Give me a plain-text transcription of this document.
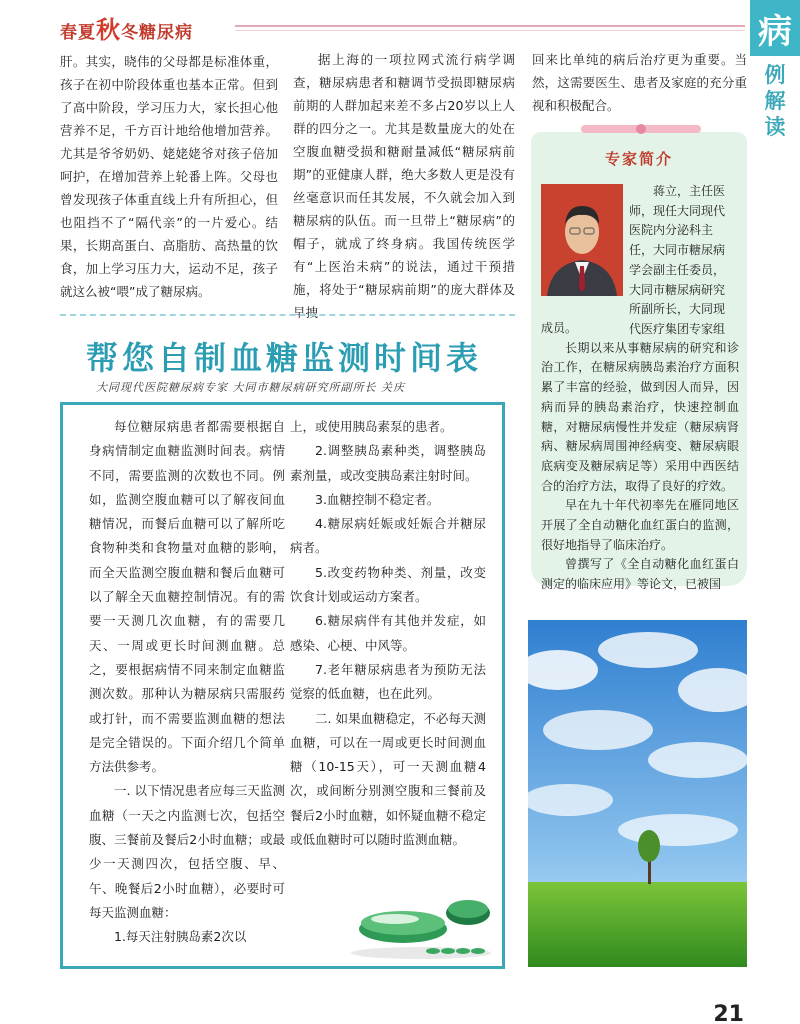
春夏秋冬糖尿病	病
例解读

肝。其实，晓伟的父母都是标准体重，孩子在初中阶段体重也基本正常。但到了高中阶段，学习压力大，家长担心他营养不足，千方百计地给他增加营养。尤其是爷爷奶奶、姥姥姥爷对孩子倍加呵护，在增加营养上轮番上阵。父母也曾发现孩子体重直线上升有所担心，但也阻挡不了“隔代亲”的一片爱心。结果，长期高蛋白、高脂肪、高热量的饮食，加上学习压力大，运动不足，孩子就这么被“喂”成了糖尿病。

据上海的一项拉网式流行病学调查，糖尿病患者和糖调节受损即糖尿病前期的人群加起来差不多占20岁以上人群的四分之一。尤其是数量庞大的处在空腹血糖受损和糖耐量减低“糖尿病前期”的亚健康人群，绝大多数人更是没有丝毫意识而任其发展，不久就会加入到糖尿病的队伍。而一旦带上“糖尿病”的帽子，就成了终身病。我国传统医学有“上医治未病”的说法，通过干预措施，将处于“糖尿病前期”的庞大群体及早拽

回来比单纯的病后治疗更为重要。当然，这需要医生、患者及家庭的充分重视和积极配合。

帮您自制血糖监测时间表
大同现代医院糖尿病专家 大同市糖尿病研究所副所长 关庆

每位糖尿病患者都需要根据自身病情制定血糖监测时间表。病情不同，需要监测的次数也不同。例如，监测空腹血糖可以了解夜间血糖情况，而餐后血糖可以了解所吃食物种类和食物量对血糖的影响，而全天监测空腹血糖和餐后血糖可以了解全天血糖控制情况。有的需要一天测几次血糖，有的需要几天、一周或更长时间测血糖。总之，要根据病情不同来制定血糖监测次数。那种认为糖尿病只需服药或打针，而不需要监测血糖的想法是完全错误的。下面介绍几个简单方法供参考。

一. 以下情况患者应每三天监测血糖（一天之内监测七次，包括空腹、三餐前及餐后2小时血糖；或最少一天测四次，包括空腹、早、午、晚餐后2小时血糖），必要时可每天监测血糖：

1.每天注射胰岛素2次以

上，或使用胰岛素泵的患者。

2.调整胰岛素种类，调整胰岛素剂量，或改变胰岛素注射时间。

3.血糖控制不稳定者。

4.糖尿病妊娠或妊娠合并糖尿病者。

5.改变药物种类、剂量，改变饮食计划或运动方案者。

6.糖尿病伴有其他并发症，如感染、心梗、中风等。

7.老年糖尿病患者为预防无法觉察的低血糖，也在此列。

二. 如果血糖稳定，不必每天测血糖，可以在一周或更长时间测血糖（10-15天），可一天测血糖4次，或间断分别测空腹和三餐前及餐后2小时血糖，如怀疑血糖不稳定或低血糖时可以随时监测血糖。

专家简介
蒋立，主任医
师，现任大同现代
医院内分泌科主
任，大同市糖尿病
学会副主任委员，
大同市糖尿病研究
所副所长，大同现
代医疗集团专家组

成员。

长期以来从事糖尿病的研究和诊治工作，在糖尿病胰岛素治疗方面积累了丰富的经验，做到因人而异，因病而异的胰岛素治疗，快速控制血糖，对糖尿病慢性并发症（糖尿病肾病、糖尿病周围神经病变、糖尿病眼底病变及糖尿病足等）采用中西医结合的治疗方法，取得了良好的疗效。

早在九十年代初率先在雁同地区开展了全自动糖化血红蛋白的监测，很好地指导了临床治疗。

曾撰写了《全自动糖化血红蛋白测定的临床应用》等论文，已被国

21
